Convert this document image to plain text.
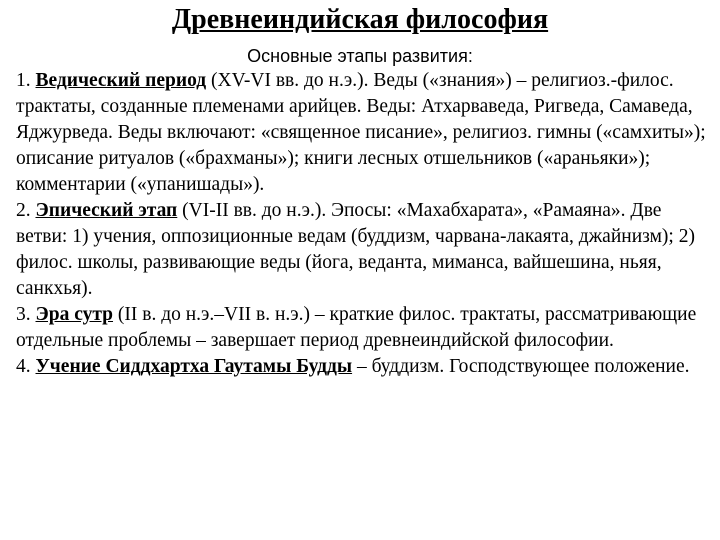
Древнеиндийская философия
Основные этапы развития:

1. Ведический период (XV-VI вв. до н.э.). Веды («знания») – религиоз.-филос. трактаты, созданные племенами арийцев. Веды: Атхарваведа, Ригведа, Самаведа, Яджурведа. Веды включают: «священное писание», религиоз. гимны («самхиты»); описание ритуалов («брахманы»); книги лесных отшельников («араньяки»); комментарии («упанишады»).

2. Эпический этап (VI-II вв. до н.э.). Эпосы: «Махабхарата», «Рамаяна». Две ветви: 1) учения, оппозиционные ведам (буддизм, чарвана-лакаята, джайнизм); 2) филос. школы, развивающие веды (йога, веданта, миманса, вайшешина, ньяя, санкхья).

3. Эра сутр (II в. до н.э.–VII в. н.э.) – краткие филос. трактаты, рассматривающие отдельные проблемы – завершает период древнеиндийской философии.

4. Учение Сиддхартха Гаутамы Будды – буддизм. Господствующее положение.
